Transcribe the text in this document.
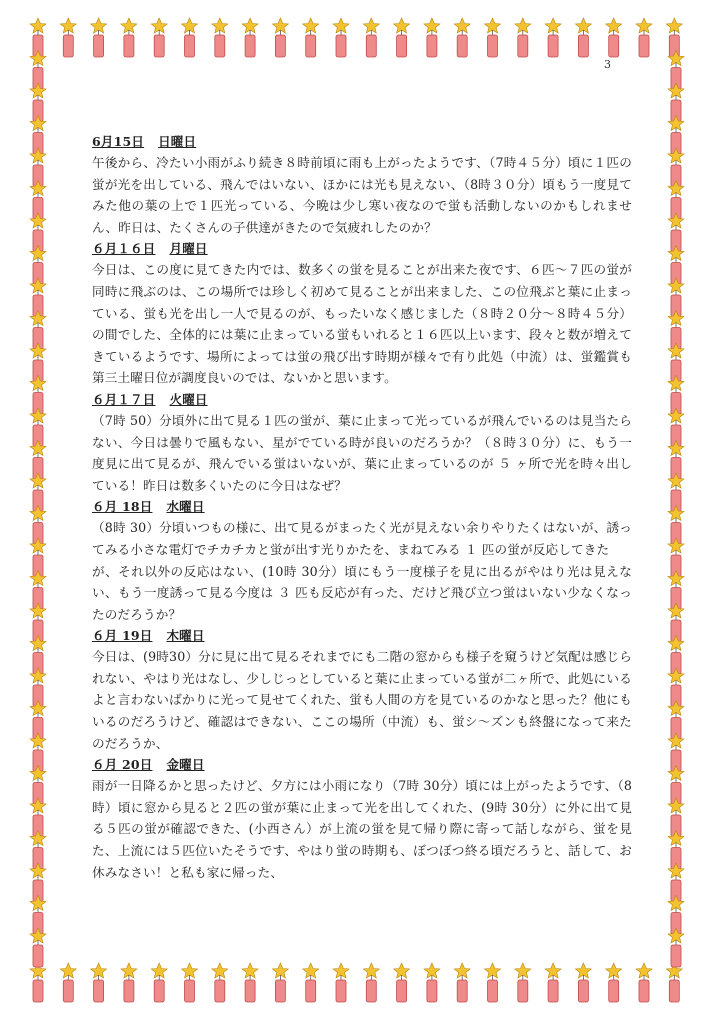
3
6月15日 日曜日
午後から、冷たい小雨がふり続き８時前頃に雨も上がったようです、（7時４５分）頃に１匹の蛍が光を出している、飛んではいない、ほかには光も見えない、（8時３０分）頃もう一度見てみた他の葉の上で１匹光っている、今晩は少し寒い夜なので蛍も活動しないのかもしれません、昨日は、たくさんの子供達がきたので気疲れしたのか？
６月１６日 月曜日
今日は、この度に見てきた内では、数多くの蛍を見ることが出来た夜です、６匹～７匹の蛍が同時に飛ぶのは、この場所では珍しく初めて見ることが出来ました、この位飛ぶと葉に止まっている、蛍も光を出し一人で見るのが、もったいなく感じました（８時２０分～８時４５分）の間でした、全体的には葉に止まっている蛍もいれると１６匹以上います、段々と数が増えてきているようです、場所によっては蛍の飛び出す時期が様々で有り此処（中流）は、蛍鑑賞も第三土曜日位が調度良いのでは、ないかと思います。
６月１７日 火曜日
（7時 50）分頃外に出て見る１匹の蛍が、葉に止まって光っているが飛んでいるのは見当たらない、今日は曇りで風もない、星がでている時が良いのだろうか？（８時３０分）に、もう一度見に出て見るが、飛んでいる蛍はいないが、葉に止まっているのが ５ ヶ所で光を時々出している！昨日は数多くいたのに今日はなぜ？
６月 18日 水曜日
（8時 30）分頃いつもの様に、出て見るがまったく光が見えない余りやりたくはないが、誘ってみる小さな電灯でチカチカと蛍が出す光りかたを、まねてみる １ 匹の蛍が反応してきた
が、それ以外の反応はない、(10時 30分）頃にもう一度様子を見に出るがやはり光は見えない、もう一度誘って見る今度は ３ 匹も反応が有った、だけど飛び立つ蛍はいない少なくなったのだろうか？
６月 19日 木曜日
今日は、(9時30）分に見に出て見るそれまでにも二階の窓からも様子を窺うけど気配は感じられない、やはり光はなし、少しじっとしていると葉に止まっている蛍が二ヶ所で、此処にいるよと言わないばかりに光って見せてくれた、蛍も人間の方を見ているのかなと思った？他にもいるのだろうけど、確認はできない、ここの場所（中流）も、蛍シ～ズンも終盤になって来たのだろうか、
６月 20日 金曜日
雨が一日降るかと思ったけど、夕方には小雨になり（7時 30分）頃には上がったようです、（8時）頃に窓から見ると２匹の蛍が葉に止まって光を出してくれた、(9時 30分）に外に出て見る５匹の蛍が確認できた、(小西さん）が上流の蛍を見て帰り際に寄って話しながら、蛍を見た、上流には５匹位いたそうです、やはり蛍の時期も、ぼつぼつ終る頃だろうと、話して、お休みなさい！と私も家に帰った、
